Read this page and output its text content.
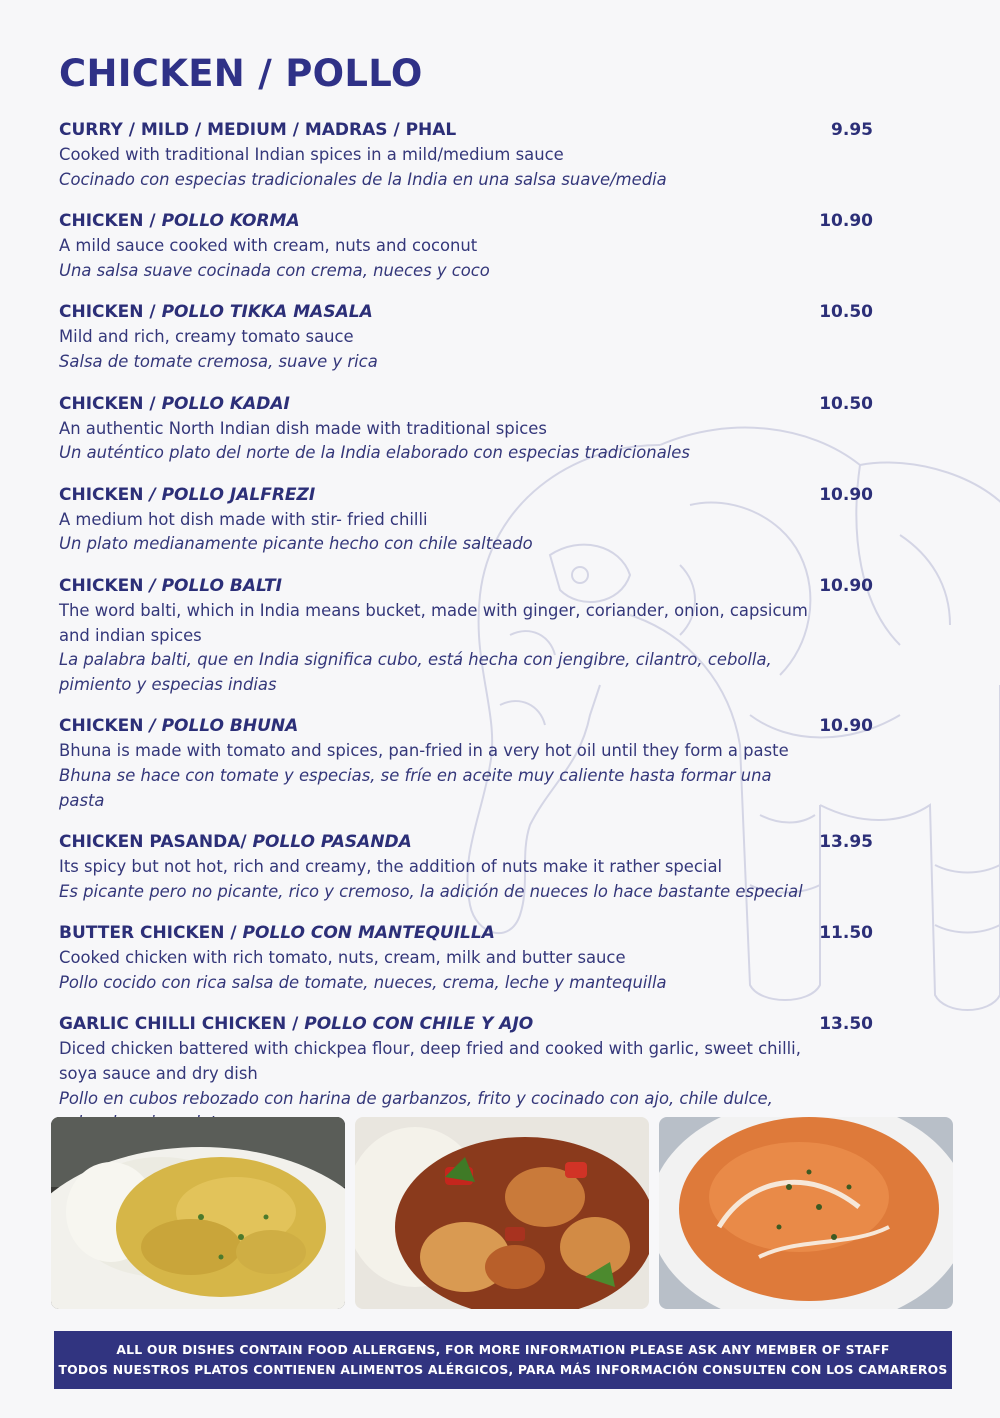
CHICKEN / POLLO
CURRY / MILD / MEDIUM / MADRAS / PHAL	9.95
Cooked with traditional Indian spices in a mild/medium sauce
Cocinado con especias tradicionales de la India en una salsa suave/media
CHICKEN / POLLO KORMA	10.90
A mild sauce cooked with cream, nuts and coconut
Una salsa suave cocinada con crema, nueces y coco
CHICKEN / POLLO TIKKA MASALA	10.50
Mild and rich, creamy tomato sauce
Salsa de tomate cremosa, suave y rica
CHICKEN / POLLO KADAI	10.50
An authentic North Indian dish made with traditional spices
Un auténtico plato del norte de la India elaborado con especias tradicionales
CHICKEN / POLLO JALFREZI	10.90
A medium hot dish made with stir- fried chilli
Un plato medianamente picante hecho con chile salteado
CHICKEN / POLLO BALTI	10.90
The word balti, which in India means bucket, made with ginger, coriander, onion, capsicum and indian spices
La palabra balti, que en India significa cubo, está hecha con jengibre, cilantro, cebolla, pimiento y especias indias
CHICKEN / POLLO BHUNA	10.90
Bhuna is made with tomato and spices, pan-fried in a very hot oil until they form a paste
Bhuna se hace con tomate y especias, se fríe en aceite muy caliente hasta formar una pasta
CHICKEN PASANDA/ POLLO PASANDA	13.95
Its spicy but not hot, rich and creamy, the addition of nuts make it rather special
Es picante pero no picante, rico y cremoso, la adición de nueces lo hace bastante especial
BUTTER CHICKEN / POLLO CON MANTEQUILLA	11.50
Cooked chicken with rich tomato, nuts, cream, milk and butter sauce
Pollo cocido con rica salsa de tomate, nueces, crema, leche y mantequilla
GARLIC CHILLI CHICKEN / POLLO CON CHILE Y AJO	13.50
Diced chicken battered with chickpea flour, deep fried and cooked with garlic, sweet chilli, soya sauce and dry dish
Pollo en cubos rebozado con harina de garbanzos, frito y cocinado con ajo, chile dulce,
ALL OUR DISHES CONTAIN FOOD ALLERGENS, FOR MORE INFORMATION PLEASE ASK ANY MEMBER OF STAFF
TODOS NUESTROS PLATOS CONTIENEN ALIMENTOS ALÉRGICOS, PARA MÁS INFORMACIÓN CONSULTEN CON LOS CAMAREROS
